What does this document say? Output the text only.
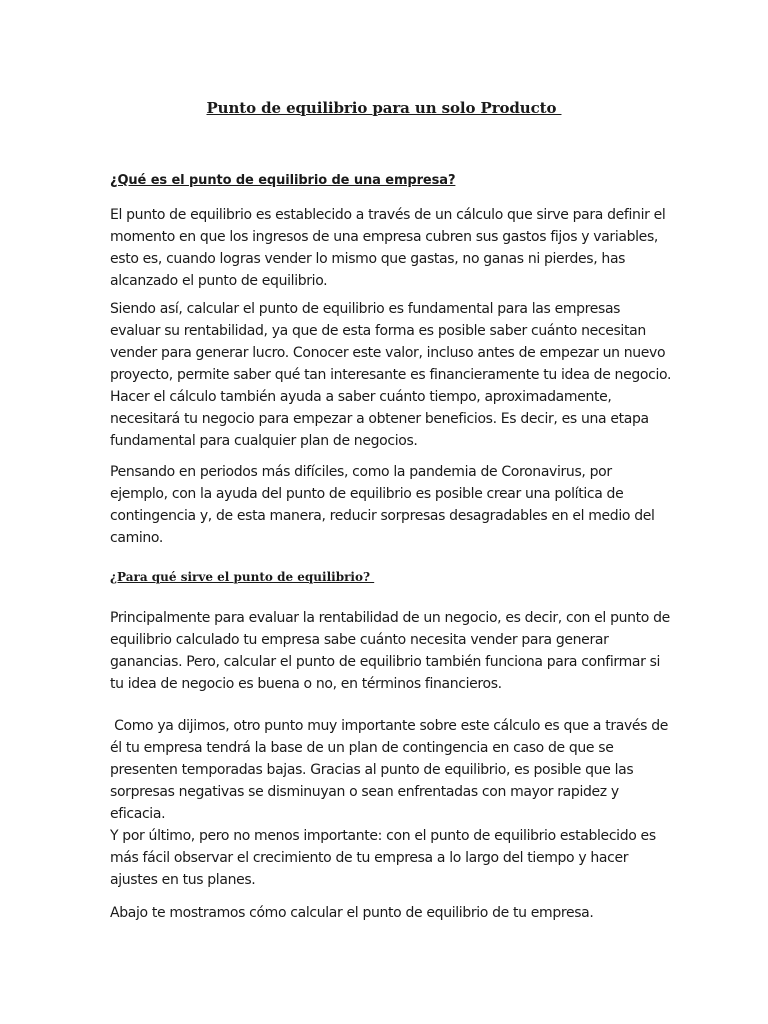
Punto de equilibrio para un solo Producto
¿Qué es el punto de equilibrio de una empresa?

El punto de equilibrio es establecido a través de un cálculo que sirve para definir el
momento en que los ingresos de una empresa cubren sus gastos fijos y variables,
esto es, cuando logras vender lo mismo que gastas, no ganas ni pierdes, has
alcanzado el punto de equilibrio.

Siendo así, calcular el punto de equilibrio es fundamental para las empresas
evaluar su rentabilidad, ya que de esta forma es posible saber cuánto necesitan
vender para generar lucro. Conocer este valor, incluso antes de empezar un nuevo
proyecto, permite saber qué tan interesante es financieramente tu idea de negocio.
Hacer el cálculo también ayuda a saber cuánto tiempo, aproximadamente,
necesitará tu negocio para empezar a obtener beneficios. Es decir, es una etapa
fundamental para cualquier plan de negocios.

Pensando en periodos más difíciles, como la pandemia de Coronavirus, por
ejemplo, con la ayuda del punto de equilibrio es posible crear una política de
contingencia y, de esta manera, reducir sorpresas desagradables en el medio del
camino.

¿Para qué sirve el punto de equilibrio?

Principalmente para evaluar la rentabilidad de un negocio, es decir, con el punto de
equilibrio calculado tu empresa sabe cuánto necesita vender para generar
ganancias. Pero, calcular el punto de equilibrio también funciona para confirmar si
tu idea de negocio es buena o no, en términos financieros.

Como ya dijimos, otro punto muy importante sobre este cálculo es que a través de
él tu empresa tendrá la base de un plan de contingencia en caso de que se
presenten temporadas bajas. Gracias al punto de equilibrio, es posible que las
sorpresas negativas se disminuyan o sean enfrentadas con mayor rapidez y
eficacia.
Y por último, pero no menos importante: con el punto de equilibrio establecido es
más fácil observar el crecimiento de tu empresa a lo largo del tiempo y hacer
ajustes en tus planes.

Abajo te mostramos cómo calcular el punto de equilibrio de tu empresa.
